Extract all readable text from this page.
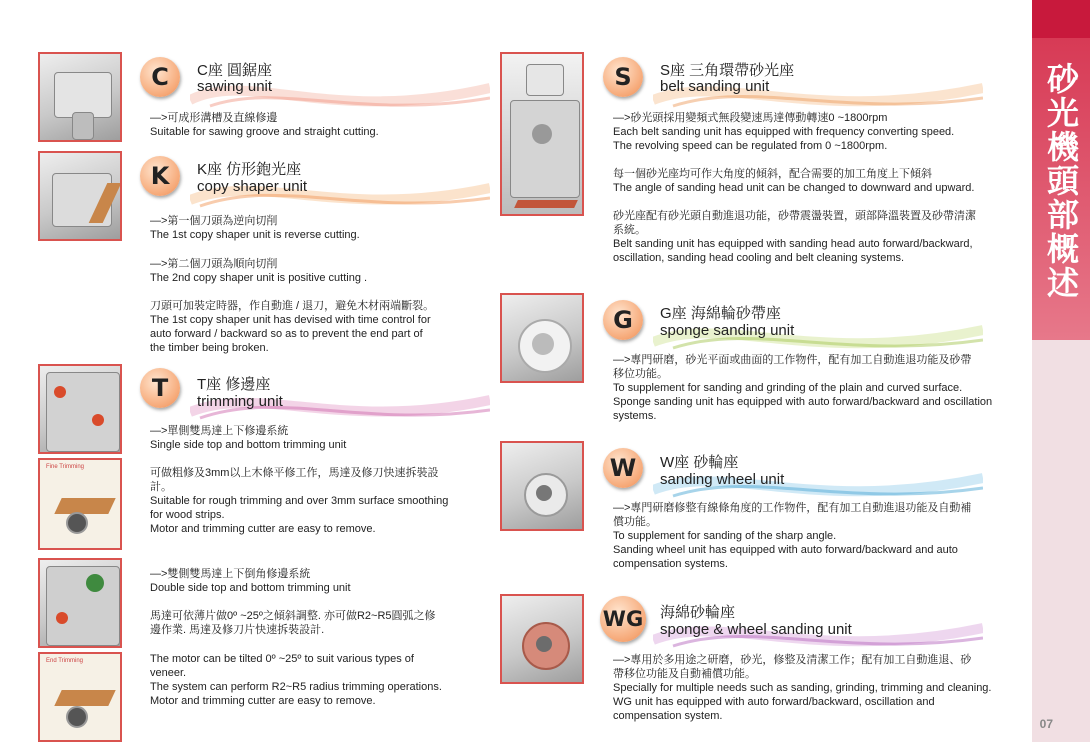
C	C座 圓鋸座
sawing unit
—>可成形溝槽及直線修邊
Suitable for sawing groove and straight cutting.
K	K座 仿形鉋光座
copy shaper unit
—>第一個刀頭為逆向切削
The 1st copy shaper unit is reverse cutting.
—>第二個刀頭為順向切削
The 2nd copy shaper unit is positive cutting .
刀頭可加裝定時器，作自動進 / 退刀，避免木材兩端斷裂。
The 1st copy shaper unit has devised with time control for
auto forward / backward so as to prevent the end part of
the timber being broken.
Fine Trimming
End Trimming
T	T座 修邊座
trimming unit
—>單側雙馬達上下修邊系統
Single side top and bottom trimming unit
可做粗修及3mm以上木條平修工作，馬達及修刀快速拆裝設
計。
Suitable for rough trimming and over 3mm surface smoothing
for wood strips.
Motor and trimming cutter are easy to remove.
—>雙側雙馬達上下倒角修邊系統
Double side top and bottom trimming unit
馬達可依薄片做0º ~25º之傾斜調整. 亦可做R2~R5圓弧之修
邊作業. 馬達及修刀片快速拆裝設計.
The motor can be tilted 0º ~25º to suit various types of
veneer.
The system can perform R2~R5 radius trimming operations.
Motor and trimming cutter are easy to remove.
S	S座 三角環帶砂光座
belt sanding unit
—>砂光頭採用變頻式無段變速馬達傳動轉速0 ~1800rpm
Each belt sanding unit has equipped with frequency converting speed.
The revolving speed can be regulated from 0 ~1800rpm.
每一個砂光座均可作大角度的傾斜，配合需要的加工角度上下傾斜
The angle of sanding head unit can be changed to downward and upward.
砂光座配有砂光頭自動進退功能，砂帶震盪裝置，頭部降溫裝置及砂帶清潔
系統。
Belt sanding unit has equipped with sanding head auto forward/backward,
oscillation, sanding head cooling and belt cleaning systems.
G	G座 海綿輪砂帶座
sponge sanding unit
—>專門研磨，砂光平面或曲面的工作物件，配有加工自動進退功能及砂帶
移位功能。
To supplement for sanding and grinding of the plain and curved surface.
Sponge sanding unit has equipped with auto forward/backward and oscillation
systems.
W	W座 砂輪座
sanding wheel unit
—>專門研磨修整有線條角度的工作物件，配有加工自動進退功能及自動補
償功能。
To supplement for sanding of the sharp angle.
Sanding wheel unit has equipped with auto forward/backward and auto
compensation systems.
WG 海綿砂輪座
sponge & wheel sanding unit
—>專用於多用途之研磨，砂光，修整及清潔工作；配有加工自動進退、砂
帶移位功能及自動補償功能。
Specially for multiple needs such as sanding, grinding, trimming and cleaning.
WG unit has equipped with auto forward/backward, oscillation and
compensation system.
砂光機頭部概述
07
